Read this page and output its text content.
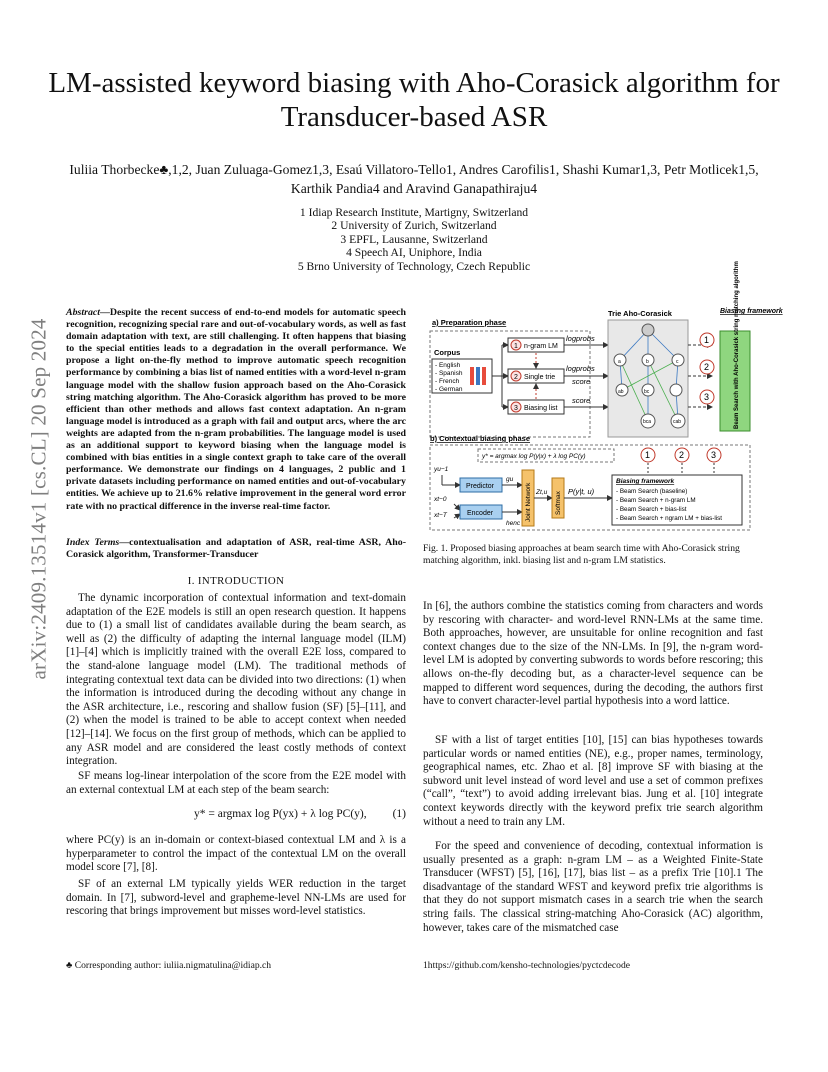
LM-assisted keyword biasing with Aho-Corasick algorithm for Transducer-based ASR
Iuliia Thorbecke♣,1,2, Juan Zuluaga-Gomez1,3, Esaú Villatoro-Tello1, Andres Carofilis1, Shashi Kumar1,3, Petr Motlicek1,5,
Karthik Pandia4 and Aravind Ganapathiraju4
1 Idiap Research Institute, Martigny, Switzerland
2 University of Zurich, Switzerland
3 EPFL, Lausanne, Switzerland
4 Speech AI, Uniphore, India
5 Brno University of Technology, Czech Republic
arXiv:2409.13514v1 [cs.CL] 20 Sep 2024
Abstract—Despite the recent success of end-to-end models for automatic speech recognition, recognizing special rare and out-of-vocabulary words, as well as fast domain adaptation with text, are still challenging. It often happens that biasing to the special entities leads to a degradation in the overall performance. We propose a light on-the-fly method to improve automatic speech recognition performance by combining a bias list of named entities with a word-level n-gram language model with the shallow fusion approach based on the Aho-Corasick string matching algorithm. The Aho-Corasick algorithm has proved to be more efficient than other methods and allows fast context adaptation. An n-gram language model is introduced as a graph with fail and output arcs, where the arc weights are adapted from the n-gram probabilities. The language model is used as an additional support to keyword biasing when the language model is combined with bias entities in a single context graph to take care of the overall performance. We demonstrate our findings on 4 languages, 2 public and 1 private datasets including performance on named entities and out-of-vocabulary entities. We achieve up to 21.6% relative improvement in the general word error rate with no practical difference in the inverse real-time factor.
Index Terms—contextualisation and adaptation of ASR, real-time ASR, Aho-Corasick algorithm, Transformer-Transducer
I. INTRODUCTION
The dynamic incorporation of contextual information and text-domain adaptation of the E2E models is still an open research question. It happens due to (1) a small list of candidates available during the beam search, as well as (2) the difficulty of adapting the internal language model (ILM) [1]–[4] which is implicitly trained with the overall E2E loss, compared to the stand-alone language model (LM). The traditional methods of integrating contextual text data can be divided into two directions: (1) when the information is introduced during the decoding without any change in the ASR architecture, i.e., rescoring and shallow fusion (SF) [5]–[11], and (2) when the model is trained to be able to accept context when needed [12]–[14]. We focus on the first group of methods, which can be applied to any ASR model and are considered the least costly methods of context integration.
SF means log-linear interpolation of the score from the E2E model with an external contextual LM at each step of the beam search:
y* = argmax log P(yx) + λ log PC(y), (1)
where PC(y) is an in-domain or context-biased contextual LM and λ is a hyperparameter to control the impact of the contextual LM on the overall model score [7], [8].
SF of an external LM typically yields WER reduction in the target domain. In [7], subword-level and grapheme-level NN-LMs are used for rescoring that brings improvement but misses word-level statistics.
♣ Corresponding author: iuliia.nigmatulina@idiap.ch
In [6], the authors combine the statistics coming from characters and words by rescoring with character- and word-level RNN-LMs at the same time. Both approaches, however, are unsuitable for online recognition and fast context changes due to the size of the NN-LMs. In [9], the n-gram word-level LM is adopted by converting subwords to words before rescoring; this allows on-the-fly decoding but, as a character-level sequence can be mapped to different word sequences, during the decoding, the authors first have to convert character-level partial hypothesis into a word lattice.
SF with a list of target entities [10], [15] can bias hypotheses towards particular words or named entities (NE), e.g., proper names, terminology, geographical names, etc. Zhao et al. [8] improve SF with biasing at the subword unit level instead of word level and use a set of common prefixes (“call”, “text”) to avoid adding irrelevant bias. Jung et al. [10] integrate context keywords directly with the keyword prefix trie search algorithm without a need to train any LM.
For the speed and convenience of decoding, contextual information is usually presented as a graph: n-gram LM – as a Weighted Finite-State Transducer (WFST) [5], [16], [17], bias list – as a prefix Trie [10].1 The disadvantage of the standard WFST and keyword prefix trie algorithms is that they do not support mismatch cases in a search trie when the search string fails. The classical string-matching Aho-Corasick (AC) algorithm, however, takes care of the mismatched case
1https://github.com/kensho-technologies/pyctcdecode
a) Preparation phase
Corpus
- English
- Spanish
- French
- German
1 n-gram LM
2 Single trie
3 Biasing list
logprobs
logprobs
score
score
Trie Aho-Corasick
a	b	c
ab	bc
bca	cab
1
2
3
Biasing framework
Beam Search with Aho-Corasick string matching algorithm
b) Contextual biasing phase
y* = argmax log P(y|x) + λ log PC(y)	1	2	3
yu−1
xt−0
xt−T
Predictor
Encoder
gu
henc
Joint Network Zt,u Softmax P(y|t, u)
Biasing framework
- Beam Search (baseline)
- Beam Search + n-gram LM
- Beam Search + bias-list
- Beam Search + ngram LM + bias-list
Fig. 1. Proposed biasing approaches at beam search time with Aho-Corasick string matching algorithm, inkl. biasing list and n-gram LM statistics.
